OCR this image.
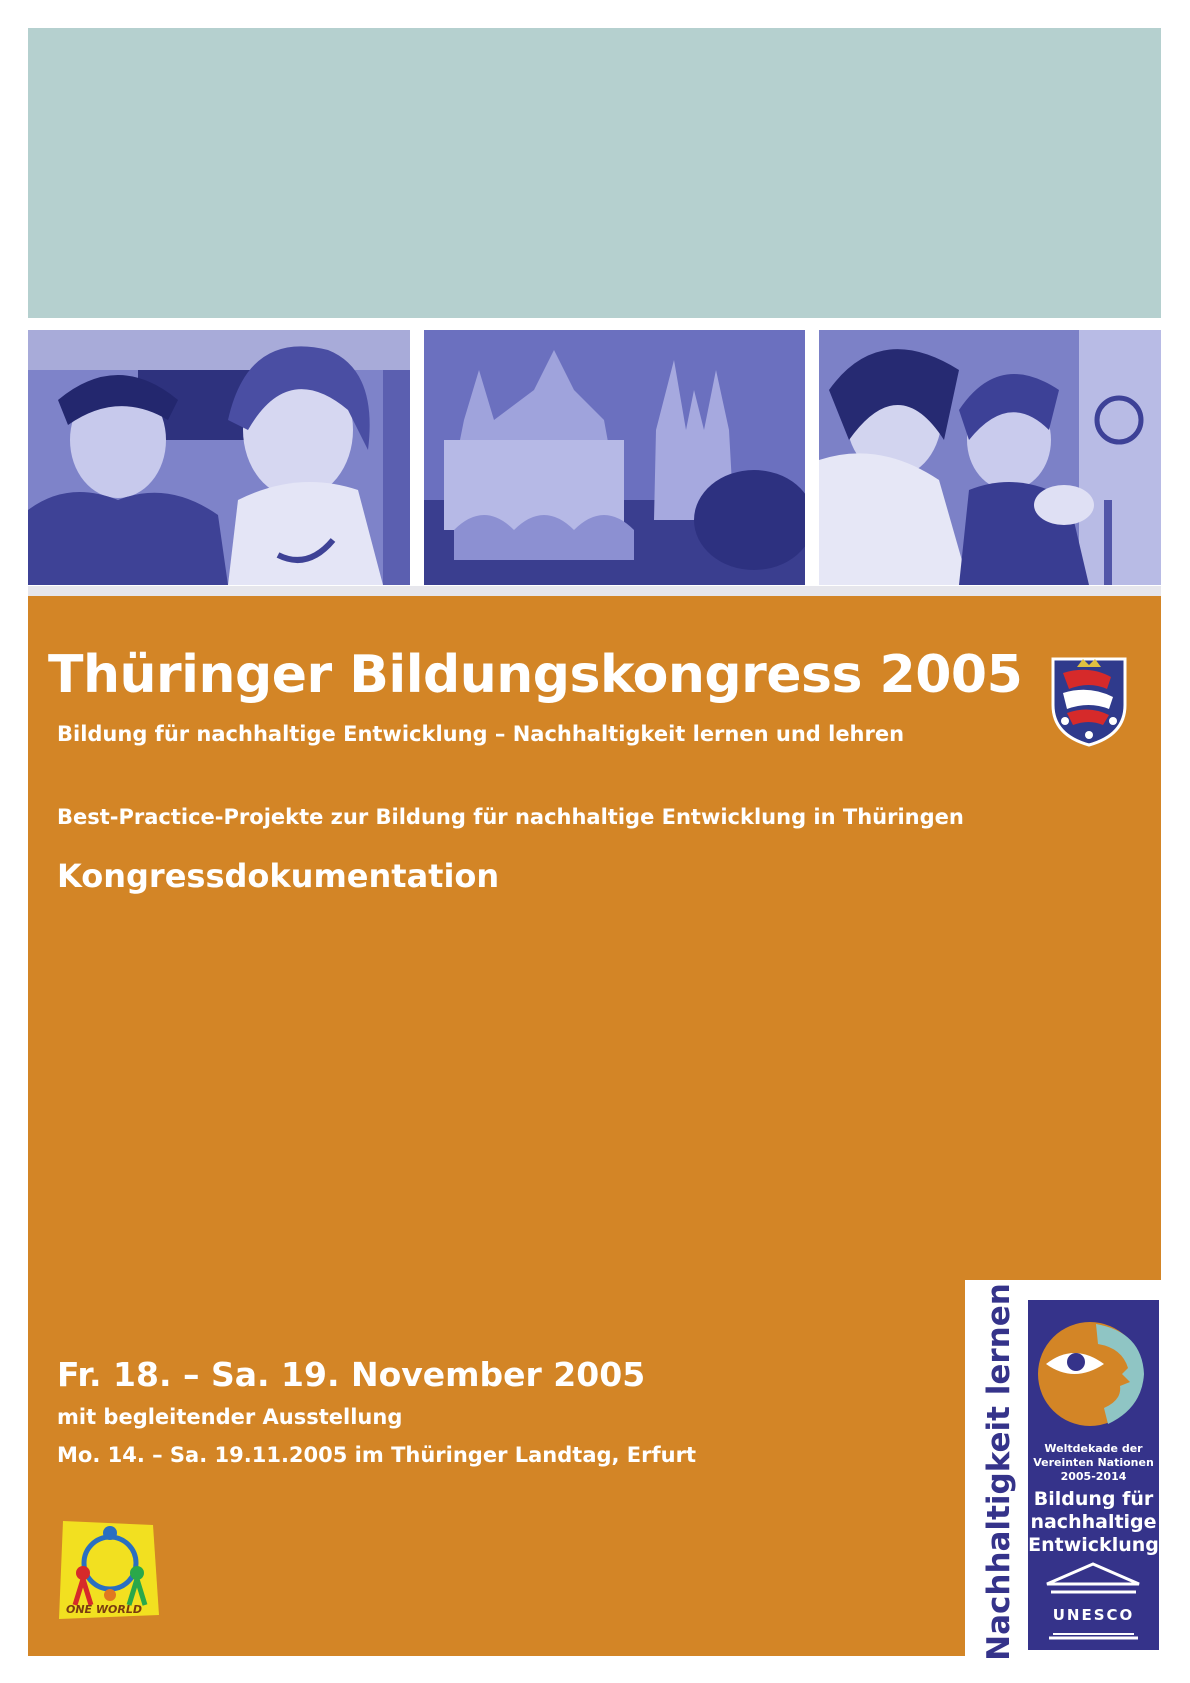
Thüringer Bildungskongress 2005
Bildung für nachhaltige Entwicklung – Nachhaltigkeit lernen und lehren
Best-Practice-Projekte zur Bildung für nachhaltige Entwicklung in Thüringen
Kongressdokumentation
Fr. 18. – Sa. 19. November 2005
mit begleitender Ausstellung
Mo. 14. – Sa. 19.11.2005 im Thüringer Landtag, Erfurt
ONE WORLD	Nachhaltigkeit lernen	Weltdekade der
Vereinten Nationen
2005-2014
Bildung für
nachhaltige
Entwicklung
UNESCO
